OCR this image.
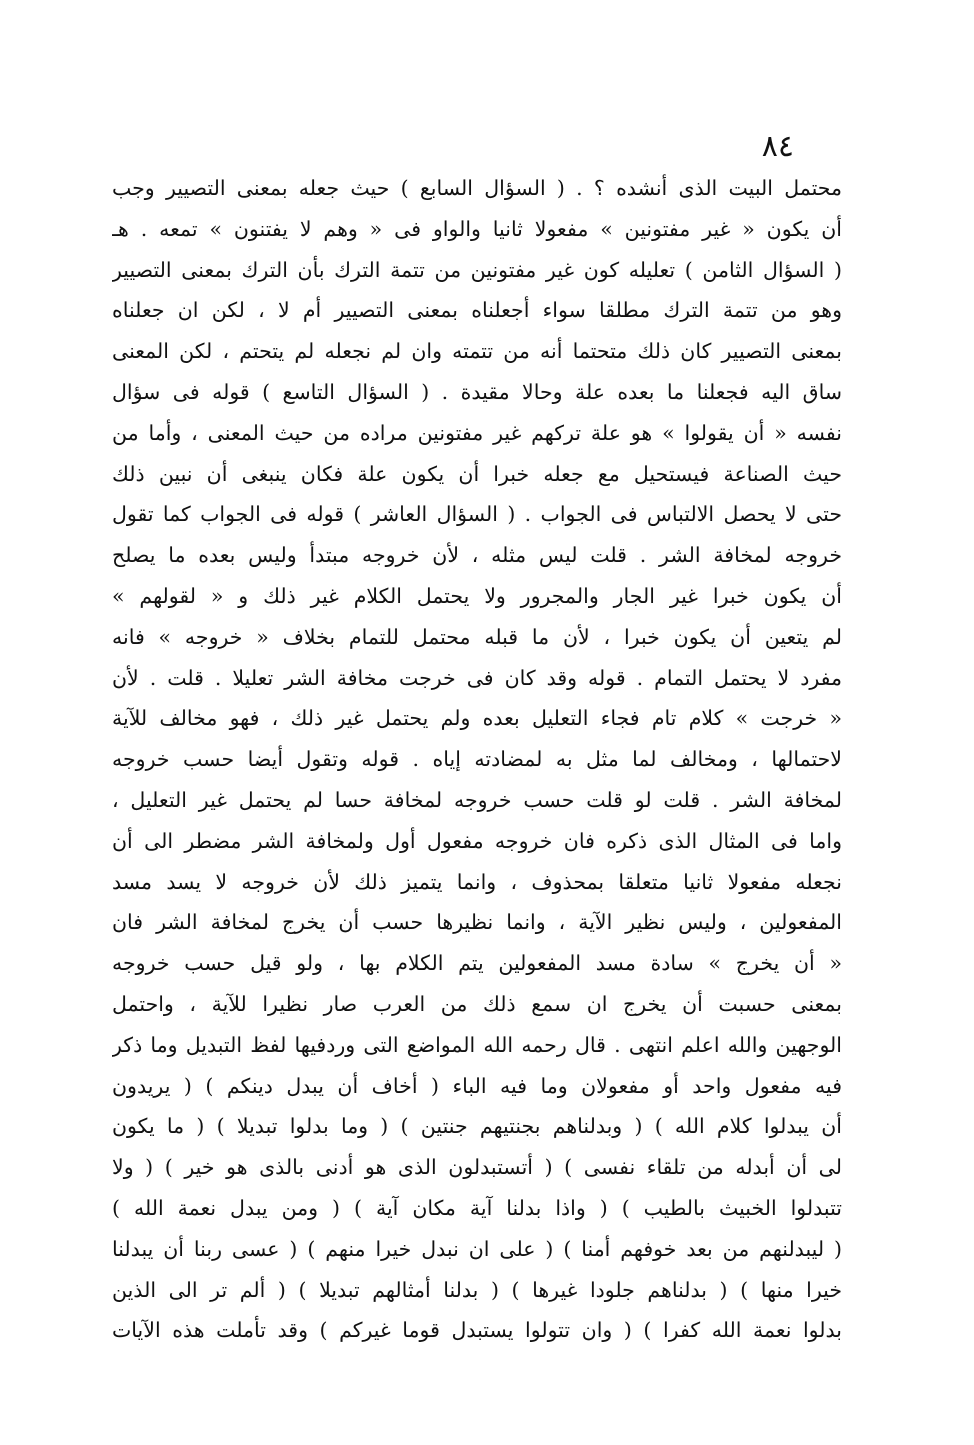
٨٤
محتمل البيت الذى أنشده ؟ . ( السؤال السابع ) حيث جعله بمعنى التصيير وجب
أن يكون « غير مفتونين » مفعولا ثانيا والواو فى « وهم لا يفتنون » تمعه . هـ
( السؤال الثامن ) تعليله كون غير مفتونين من تتمة الترك بأن الترك بمعنى التصيير
وهو من تتمة الترك مطلقا سواء أجعلناه بمعنى التصيير أم لا ، لكن ان جعلناه
بمعنى التصيير كان ذلك متحتما أنه من تتمته وان لم نجعله لم يتحتم ، لكن المعنى
ساق اليه فجعلنا ما بعده علة وحالا مقيدة . ( السؤال التاسع ) قوله فى سؤال
نفسه « أن يقولوا » هو علة تركهم غير مفتونين مراده من حيث المعنى ، وأما من
حيث الصناعة فيستحيل مع جعله خبرا أن يكون علة فكان ينبغى أن نبين ذلك
حتى لا يحصل الالتباس فى الجواب . ( السؤال العاشر ) قوله فى الجواب كما تقول
خروجه لمخافة الشر . قلت ليس مثله ، لأن خروجه مبتدأ وليس بعده ما يصلح
أن يكون خبرا غير الجار والمجرور ولا يحتمل الكلام غير ذلك و « لقولهم »
لم يتعين أن يكون خبرا ، لأن ما قبله محتمل للتمام بخلاف « خروجه » فانه
مفرد لا يحتمل التمام . قوله وقد كان فى خرجت مخافة الشر تعليلا . قلت . لأن
« خرجت » كلام تام فجاء التعليل بعده ولم يحتمل غير ذلك ، فهو مخالف للآية
لاحتمالها ، ومخالف لما مثل به لمضادته إياه . قوله وتقول أيضا حسب خروجه
لمخافة الشر . قلت لو قلت حسب خروجه لمخافة حسا لم يحتمل غير التعليل ،
واما فى المثال الذى ذكره فان خروجه مفعول أول ولمخافة الشر مضطر الى أن
نجعله مفعولا ثانيا متعلقا بمحذوف ، وانما يتميز ذلك لأن خروجه لا يسد مسد
المفعولين ، وليس نظير الآية ، وانما نظيرها حسب أن يخرج لمخافة الشر فان
« أن يخرج » سادة مسد المفعولين يتم الكلام بها ، ولو قيل حسب خروجه
بمعنى حسبت أن يخرج ان سمع ذلك من العرب صار نظيرا للآية ، واحتمل
الوجهين والله اعلم انتهى . قال رحمه الله المواضع التى وردفيها لفظ التبديل وما ذكر
فيه مفعول واحد أو مفعولان وما فيه الباء ( أخاف أن يبدل دينكم ) ( يريدون
أن يبدلوا كلام الله ) ( وبدلناهم بجنتيهم جنتين ) ( وما بدلوا تبديلا ) ( ما يكون
لى أن أبدله من تلقاء نفسى ) ( أتستبدلون الذى هو أدنى بالذى هو خير ) ( ولا
تتبدلوا الخبيث بالطيب ) ( واذا بدلنا آية مكان آية ) ( ومن يبدل نعمة الله )
( ليبدلنهم من بعد خوفهم أمنا ) ( على ان نبدل خيرا منهم ) ( عسى ربنا أن يبدلنا
خيرا منها ) ( بدلناهم جلودا غيرها ) ( بدلنا أمثالهم تبديلا ) ( ألم تر الى الذين
بدلوا نعمة الله كفرا ) ( وان تتولوا يستبدل قوما غيركم ) وقد تأملت هذه الآيات
